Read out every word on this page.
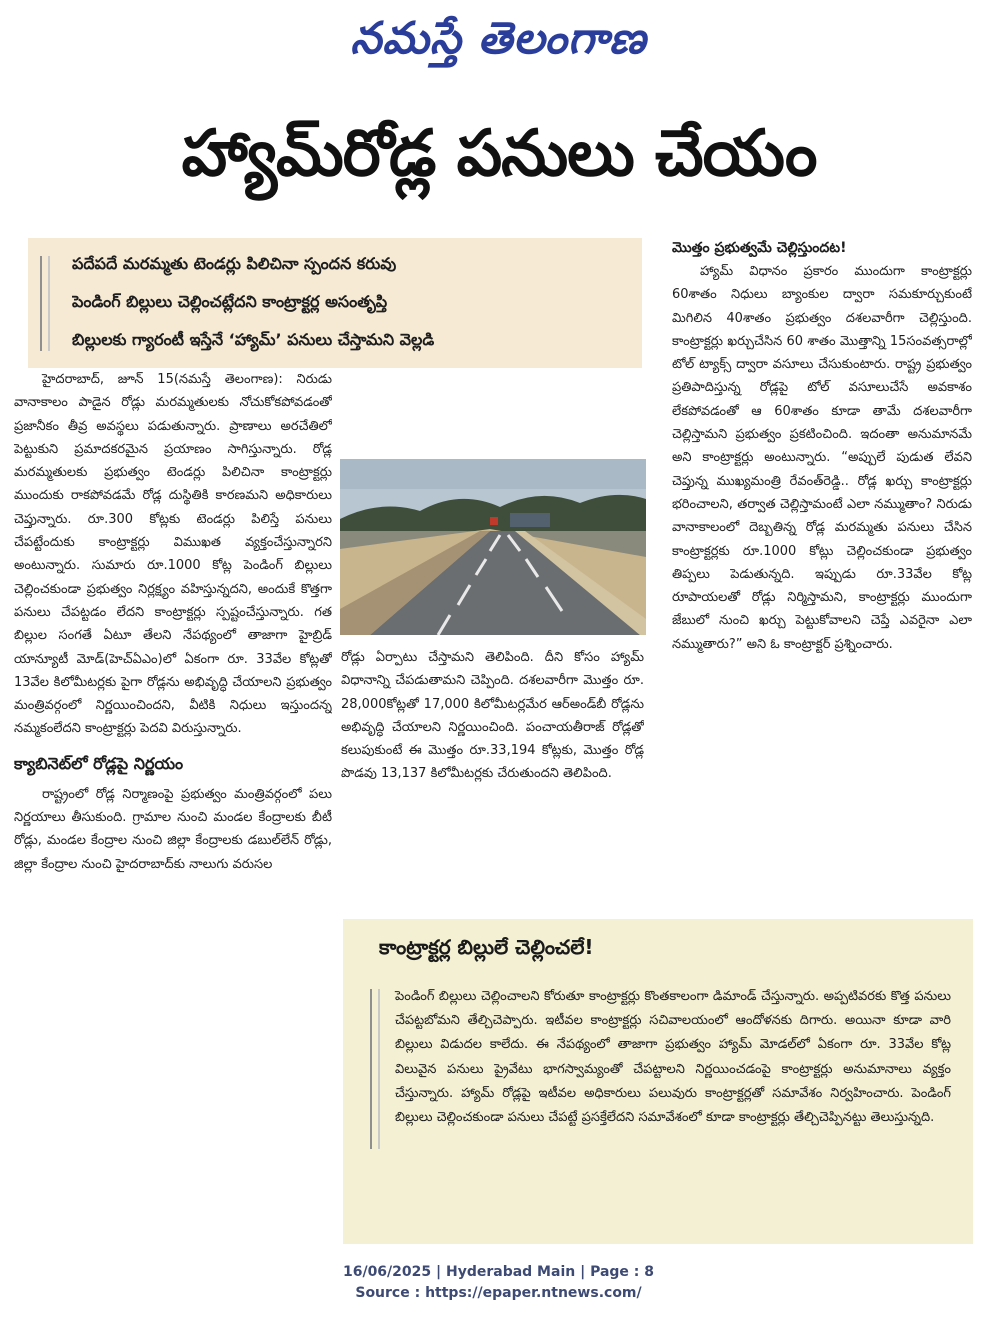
నమస్తే తెలంగాణ
హ్యామ్‌రోడ్ల పనులు చేయం
• పదేపదే మరమ్మతు టెండర్లు పిలిచినా స్పందన కరువు
• పెండింగ్ బిల్లులు చెల్లించట్లేదని కాంట్రాక్టర్ల అసంతృప్తి
• బిల్లులకు గ్యారంటీ ఇస్తేనే ‘హ్యామ్’ పనులు చేస్తామని వెల్లడి

హైదరాబాద్, జూన్ 15(నమస్తే తెలంగాణ): నిరుడు వానాకాలం పాడైన రోడ్లు మరమ్మతులకు నోచుకోకపోవడంతో ప్రజానీకం తీవ్ర అవస్థలు పడుతున్నారు. ప్రాణాలు అరచేతిలో పెట్టుకుని ప్రమాదకరమైన ప్రయాణం సాగిస్తున్నారు. రోడ్ల మరమ్మతులకు ప్రభుత్వం టెండర్లు పిలిచినా కాంట్రాక్టర్లు ముందుకు రాకపోవడమే రోడ్ల దుస్థితికి కారణమని అధికారులు చెప్తున్నారు. రూ.300 కోట్లకు టెండర్లు పిలిస్తే పనులు చేపట్టేందుకు కాంట్రాక్టర్లు విముఖత వ్యక్తంచేస్తున్నారని అంటున్నారు. సుమారు రూ.1000 కోట్ల పెండింగ్ బిల్లులు చెల్లించకుండా ప్రభుత్వం నిర్లక్ష్యం వహిస్తున్నదని, అందుకే కొత్తగా పనులు చేపట్టడం లేదని కాంట్రాక్టర్లు స్పష్టంచేస్తున్నారు. గత బిల్లుల సంగతే ఏటూ తేలని నేపథ్యంలో తాజాగా హైబ్రిడ్ యాన్యూటీ మోడ్(హెచ్‌ఏఎం)లో ఏకంగా రూ. 33వేల కోట్లతో 13వేల కిలోమీటర్లకు పైగా రోడ్లను అభివృద్ధి చేయాలని ప్రభుత్వం మంత్రివర్గంలో నిర్ణయించిందని, వీటికి నిధులు ఇస్తుందన్న నమ్మకంలేదని కాంట్రాక్టర్లు పెదవి విరుస్తున్నారు.

క్యాబినెట్‌లో రోడ్లపై నిర్ణయం

రాష్ట్రంలో రోడ్ల నిర్మాణంపై ప్రభుత్వం మంత్రివర్గంలో పలు నిర్ణయాలు తీసుకుంది. గ్రామాల నుంచి మండల కేంద్రాలకు బీటీ రోడ్లు, మండల కేంద్రాల నుంచి జిల్లా కేంద్రాలకు డబుల్‌లేన్ రోడ్లు, జిల్లా కేంద్రాల నుంచి హైదరాబాద్‌కు నాలుగు వరుసల

రోడ్లు ఏర్పాటు చేస్తామని తెలిపింది. దీని కోసం హ్యామ్ విధానాన్ని చేపడుతామని చెప్పింది. దశలవారీగా మొత్తం రూ. 28,000కోట్లతో 17,000 కిలోమీటర్లమేర ఆర్‌అండ్‌బీ రోడ్లను అభివృద్ధి చేయాలని నిర్ణయించింది. పంచాయతీరాజ్ రోడ్లతో కలుపుకుంటే ఈ మొత్తం రూ.33,194 కోట్లకు, మొత్తం రోడ్ల పొడవు 13,137 కిలోమీటర్లకు చేరుతుందని తెలిపింది.

మొత్తం ప్రభుత్వమే చెల్లిస్తుందట!

హ్యామ్ విధానం ప్రకారం ముందుగా కాంట్రాక్టర్లు 60శాతం నిధులు బ్యాంకుల ద్వారా సమకూర్చుకుంటే మిగిలిన 40శాతం ప్రభుత్వం దశలవారీగా చెల్లిస్తుంది. కాంట్రాక్టర్లు ఖర్చుచేసిన 60 శాతం మొత్తాన్ని 15సంవత్సరాల్లో టోల్ ట్యాక్స్ ద్వారా వసూలు చేసుకుంటారు. రాష్ట్ర ప్రభుత్వం ప్రతిపాదిస్తున్న రోడ్లపై టోల్ వసూలుచేసే అవకాశం లేకపోవడంతో ఆ 60శాతం కూడా తామే దశలవారీగా చెల్లిస్తామని ప్రభుత్వం ప్రకటించింది. ఇదంతా అనుమానమే అని కాంట్రాక్టర్లు అంటున్నారు. “అప్పులే పుడుత లేవని చెప్తున్న ముఖ్యమంత్రి రేవంత్‌రెడ్డి.. రోడ్ల ఖర్చు కాంట్రాక్టర్లు భరించాలని, తర్వాత చెల్లిస్తామంటే ఎలా నమ్ముతాం? నిరుడు వానాకాలంలో దెబ్బతిన్న రోడ్ల మరమ్మతు పనులు చేసిన కాంట్రాక్టర్లకు రూ.1000 కోట్లు చెల్లించకుండా ప్రభుత్వం తిప్పలు పెడుతున్నది. ఇప్పుడు రూ.33వేల కోట్ల రూపాయలతో రోడ్లు నిర్మిస్తామని, కాంట్రాక్టర్లు ముందుగా జేబులో నుంచి ఖర్చు పెట్టుకోవాలని చెప్తే ఎవరైనా ఎలా నమ్ముతారు?” అని ఓ కాంట్రాక్టర్ ప్రశ్నించారు.

కాంట్రాక్టర్ల బిల్లులే చెల్లించలే!

పెండింగ్ బిల్లులు చెల్లించాలని కోరుతూ కాంట్రాక్టర్లు కొంతకాలంగా డిమాండ్ చేస్తున్నారు. అప్పటివరకు కొత్త పనులు చేపట్టబోమని తేల్చిచెప్పారు. ఇటీవల కాంట్రాక్టర్లు సచివాలయంలో ఆందోళనకు దిగారు. అయినా కూడా వారి బిల్లులు విడుదల కాలేదు. ఈ నేపథ్యంలో తాజాగా ప్రభుత్వం హ్యామ్ మోడల్‌లో ఏకంగా రూ. 33వేల కోట్ల విలువైన పనులు ప్రైవేటు భాగస్వామ్యంతో చేపట్టాలని నిర్ణయించడంపై కాంట్రాక్టర్లు అనుమానాలు వ్యక్తం చేస్తున్నారు. హ్యామ్ రోడ్లపై ఇటీవల అధికారులు పలువురు కాంట్రాక్టర్లతో సమావేశం నిర్వహించారు. పెండింగ్ బిల్లులు చెల్లించకుండా పనులు చేపట్టే ప్రసక్తేలేదని సమావేశంలో కూడా కాంట్రాక్టర్లు తేల్చిచెప్పినట్టు తెలుస్తున్నది.

16/06/2025 | Hyderabad Main | Page : 8
Source : https://epaper.ntnews.com/
